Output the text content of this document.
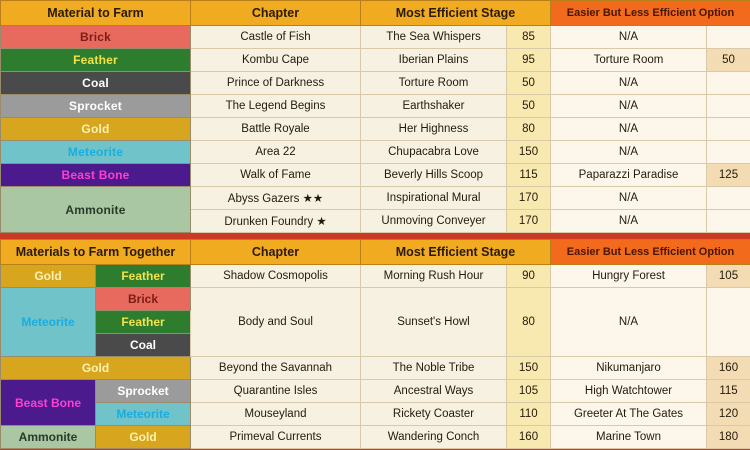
Material to Farm	Chapter	Most Efficient Stage		Easier But Less Efficient Option	
Brick	Castle of Fish	The Sea Whispers	85	N/A	
Feather	Kombu Cape	Iberian Plains	95	Torture Room	50
Coal	Prince of Darkness	Torture Room	50	N/A	
Sprocket	The Legend Begins	Earthshaker	50	N/A	
Gold	Battle Royale	Her Highness	80	N/A	
Meteorite	Area 22	Chupacabra Love	150	N/A	
Beast Bone	Walk of Fame	Beverly Hills Scoop	115	Paparazzi Paradise	125
Ammonite	Abyss Gazers ★★	Inspirational Mural	170	N/A	
	Drunken Foundry ★	Unmoving Conveyer	170	N/A	
Materials to Farm Together		Chapter	Most Efficient Stage		Easier But Less Efficient Option	
Gold	Feather	Shadow Cosmopolis	Morning Rush Hour	90	Hungry Forest	105
Meteorite	Brick	Body and Soul	Sunset's Howl	80	N/A	
	Feather					
	Coal					
Gold		Beyond the Savannah	The Noble Tribe	150	Nikumanjaro	160
Beast Bone	Sprocket	Quarantine Isles	Ancestral Ways	105	High Watchtower	115
	Meteorite	Mouseyland	Rickety Coaster	110	Greeter At The Gates	120
Ammonite	Gold	Primeval Currents	Wandering Conch	160	Marine Town	180
